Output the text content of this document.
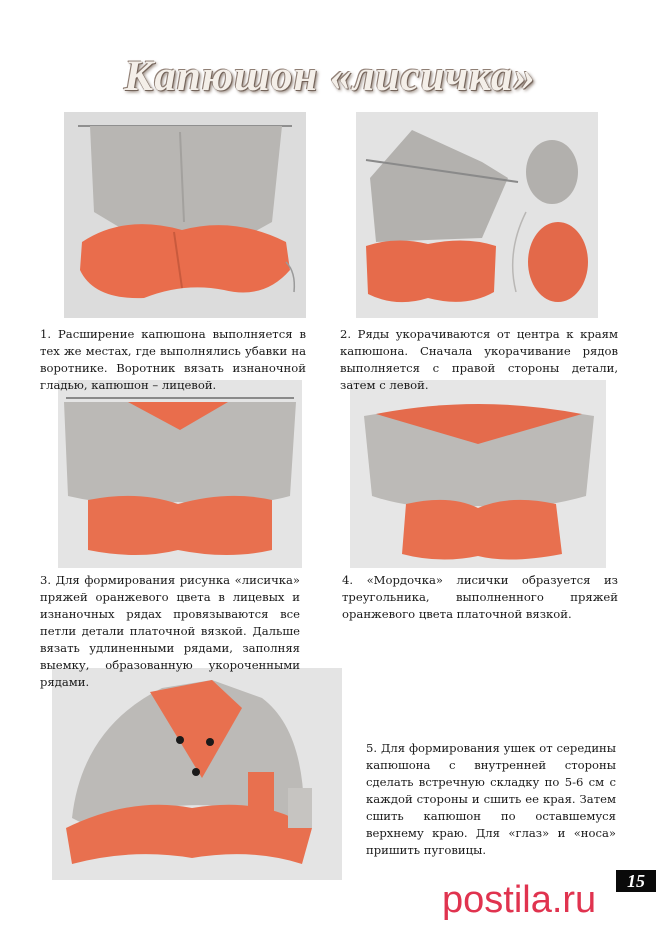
Капюшон «лисичка»
1. Расширение капюшона выполняется в тех же местах, где выполнялись убавки на воротнике. Воротник вязать изнаночной гладью, капюшон – лицевой.
2. Ряды укорачиваются от центра к краям капюшона. Сначала укорачивание рядов выполняется с правой стороны детали, затем с левой.
3. Для формирования рисунка «лисичка» пряжей оранжевого цвета в лицевых и изнаночных рядах провязываются все петли детали платочной вязкой. Дальше вязать удлиненными рядами, заполняя выемку, образованную укороченными рядами.
4. «Мордочка» лисички образуется из треугольника, выполненного пряжей оранжевого цвета платочной вязкой.
5. Для формирования ушек от середины капюшона с внутренней стороны сделать встречную складку по 5-6 см с каждой стороны и сшить ее края. Затем сшить капюшон по оставшемуся верхнему краю. Для «глаз» и «носа» пришить пуговицы.
postila.ru	15
